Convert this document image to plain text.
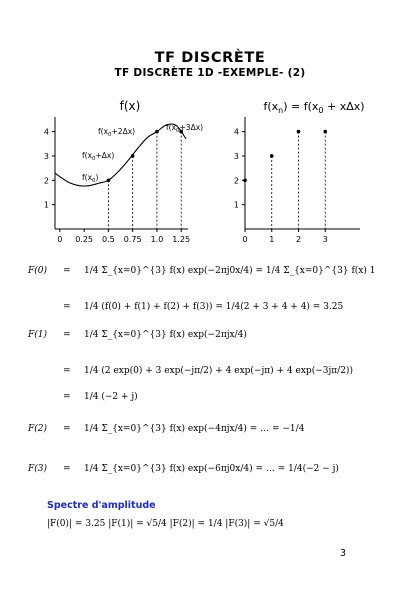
TF DISCRÈTE
TF DISCRÈTE 1D -EXEMPLE- (2)
f(x)
1
2
3
4
0 0.25 0.5 0.75 1.0 1.25
$f(x_0)$
$f(x_0+\Delta x)$
$f(x_0+2\Delta x)$	$f(x_0+3\Delta x)$
$f(x_n) = f(x_0 + x\Delta x)$
1
2
3
4
0	1	2	3
F(0) = 1/4 Σ_{x=0}^{3} f(x) exp(−2πj0x/4) = 1/4 Σ_{x=0}^{3} f(x) 1
= 1/4 (f(0) + f(1) + f(2) + f(3)) = 1/4(2 + 3 + 4 + 4) = 3.25
F(1) = 1/4 Σ_{x=0}^{3} f(x) exp(−2πjx/4)
= 1/4 (2 exp(0) + 3 exp(−jπ/2) + 4 exp(−jπ) + 4 exp(−3jπ/2))
= 1/4 (−2 + j)
F(2) = 1/4 Σ_{x=0}^{3} f(x) exp(−4πjx/4) = … = −1/4
F(3) = 1/4 Σ_{x=0}^{3} f(x) exp(−6πj0x/4) = … = 1/4(−2 − j)
Spectre d'amplitude
|F(0)| = 3.25 |F(1)| = √5/4 |F(2)| = 1/4 |F(3)| = √5/4
3
